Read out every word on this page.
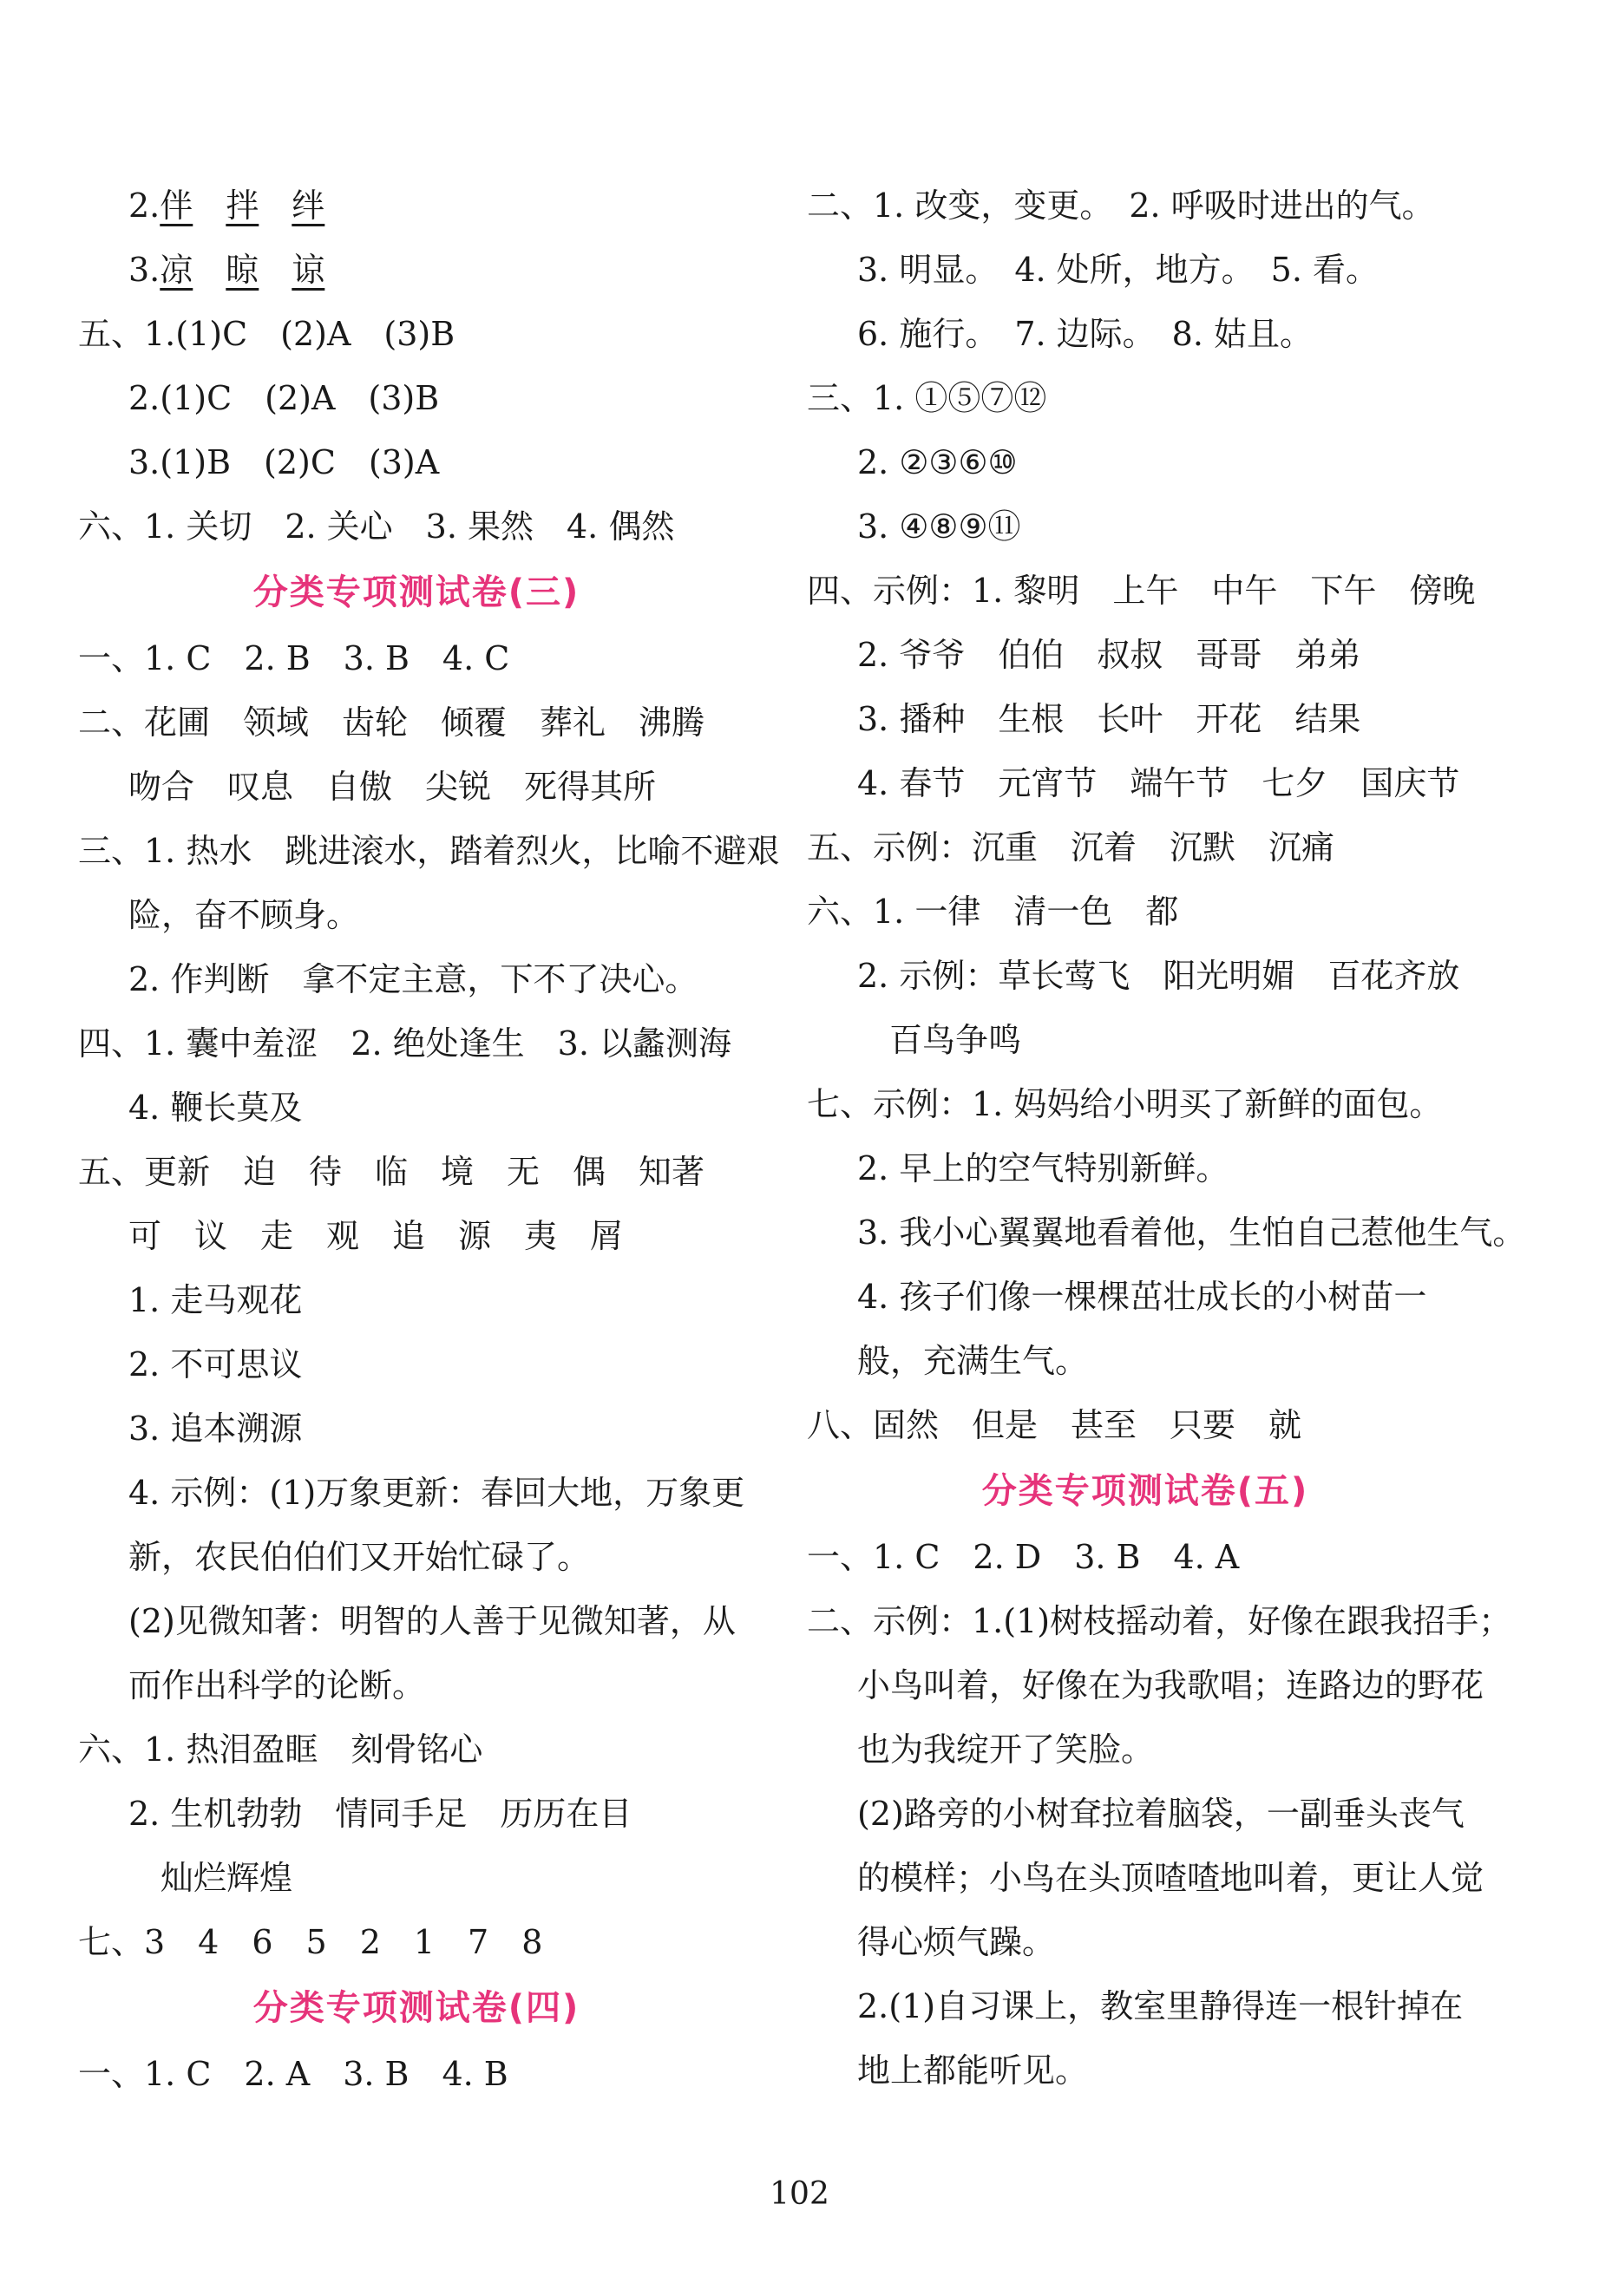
2.伴 拌 绊
3.凉 晾 谅
五、1.(1)C　(2)A　(3)B
2.(1)C　(2)A　(3)B
3.(1)B　(2)C　(3)A
六、1. 关切　2. 关心　3. 果然　4. 偶然
分类专项测试卷(三)
一、1. C　2. B　3. B　4. C
二、花圃　领域　齿轮　倾覆　葬礼　沸腾
吻合　叹息　自傲　尖锐　死得其所
三、1. 热水　跳进滚水，踏着烈火，比喻不避艰
险，奋不顾身。
2. 作判断　拿不定主意，下不了决心。
四、1. 囊中羞涩　2. 绝处逢生　3. 以蠡测海
4. 鞭长莫及
五、更新　迫　待　临　境　无　偶　知著
可　议　走　观　追　源　夷　屑
1. 走马观花
2. 不可思议
3. 追本溯源
4. 示例：(1)万象更新：春回大地，万象更
新，农民伯伯们又开始忙碌了。
(2)见微知著：明智的人善于见微知著，从
而作出科学的论断。
六、1. 热泪盈眶　刻骨铭心
2. 生机勃勃　情同手足　历历在目
灿烂辉煌
七、3　4　6　5　2　1　7　8
分类专项测试卷(四)
一、1. C　2. A　3. B　4. B
二、1. 改变，变更。　2. 呼吸时进出的气。
3. 明显。　4. 处所，地方。　5. 看。
6. 施行。　7. 边际。　8. 姑且。
三、1. ①⑤⑦⑫
2. ②③⑥⑩
3. ④⑧⑨⑪
四、示例：1. 黎明　上午　中午　下午　傍晚
2. 爷爷　伯伯　叔叔　哥哥　弟弟
3. 播种　生根　长叶　开花　结果
4. 春节　元宵节　端午节　七夕　国庆节
五、示例：沉重　沉着　沉默　沉痛
六、1. 一律　清一色　都
2. 示例：草长莺飞　阳光明媚　百花齐放
百鸟争鸣
七、示例：1. 妈妈给小明买了新鲜的面包。
2. 早上的空气特别新鲜。
3. 我小心翼翼地看着他，生怕自己惹他生气。
4. 孩子们像一棵棵茁壮成长的小树苗一
般，充满生气。
八、固然　但是　甚至　只要　就
分类专项测试卷(五)
一、1. C　2. D　3. B　4. A
二、示例：1.(1)树枝摇动着，好像在跟我招手；
小鸟叫着，好像在为我歌唱；连路边的野花
也为我绽开了笑脸。
(2)路旁的小树耷拉着脑袋，一副垂头丧气
的模样；小鸟在头顶喳喳地叫着，更让人觉
得心烦气躁。
2.(1)自习课上，教室里静得连一根针掉在
地上都能听见。
102
